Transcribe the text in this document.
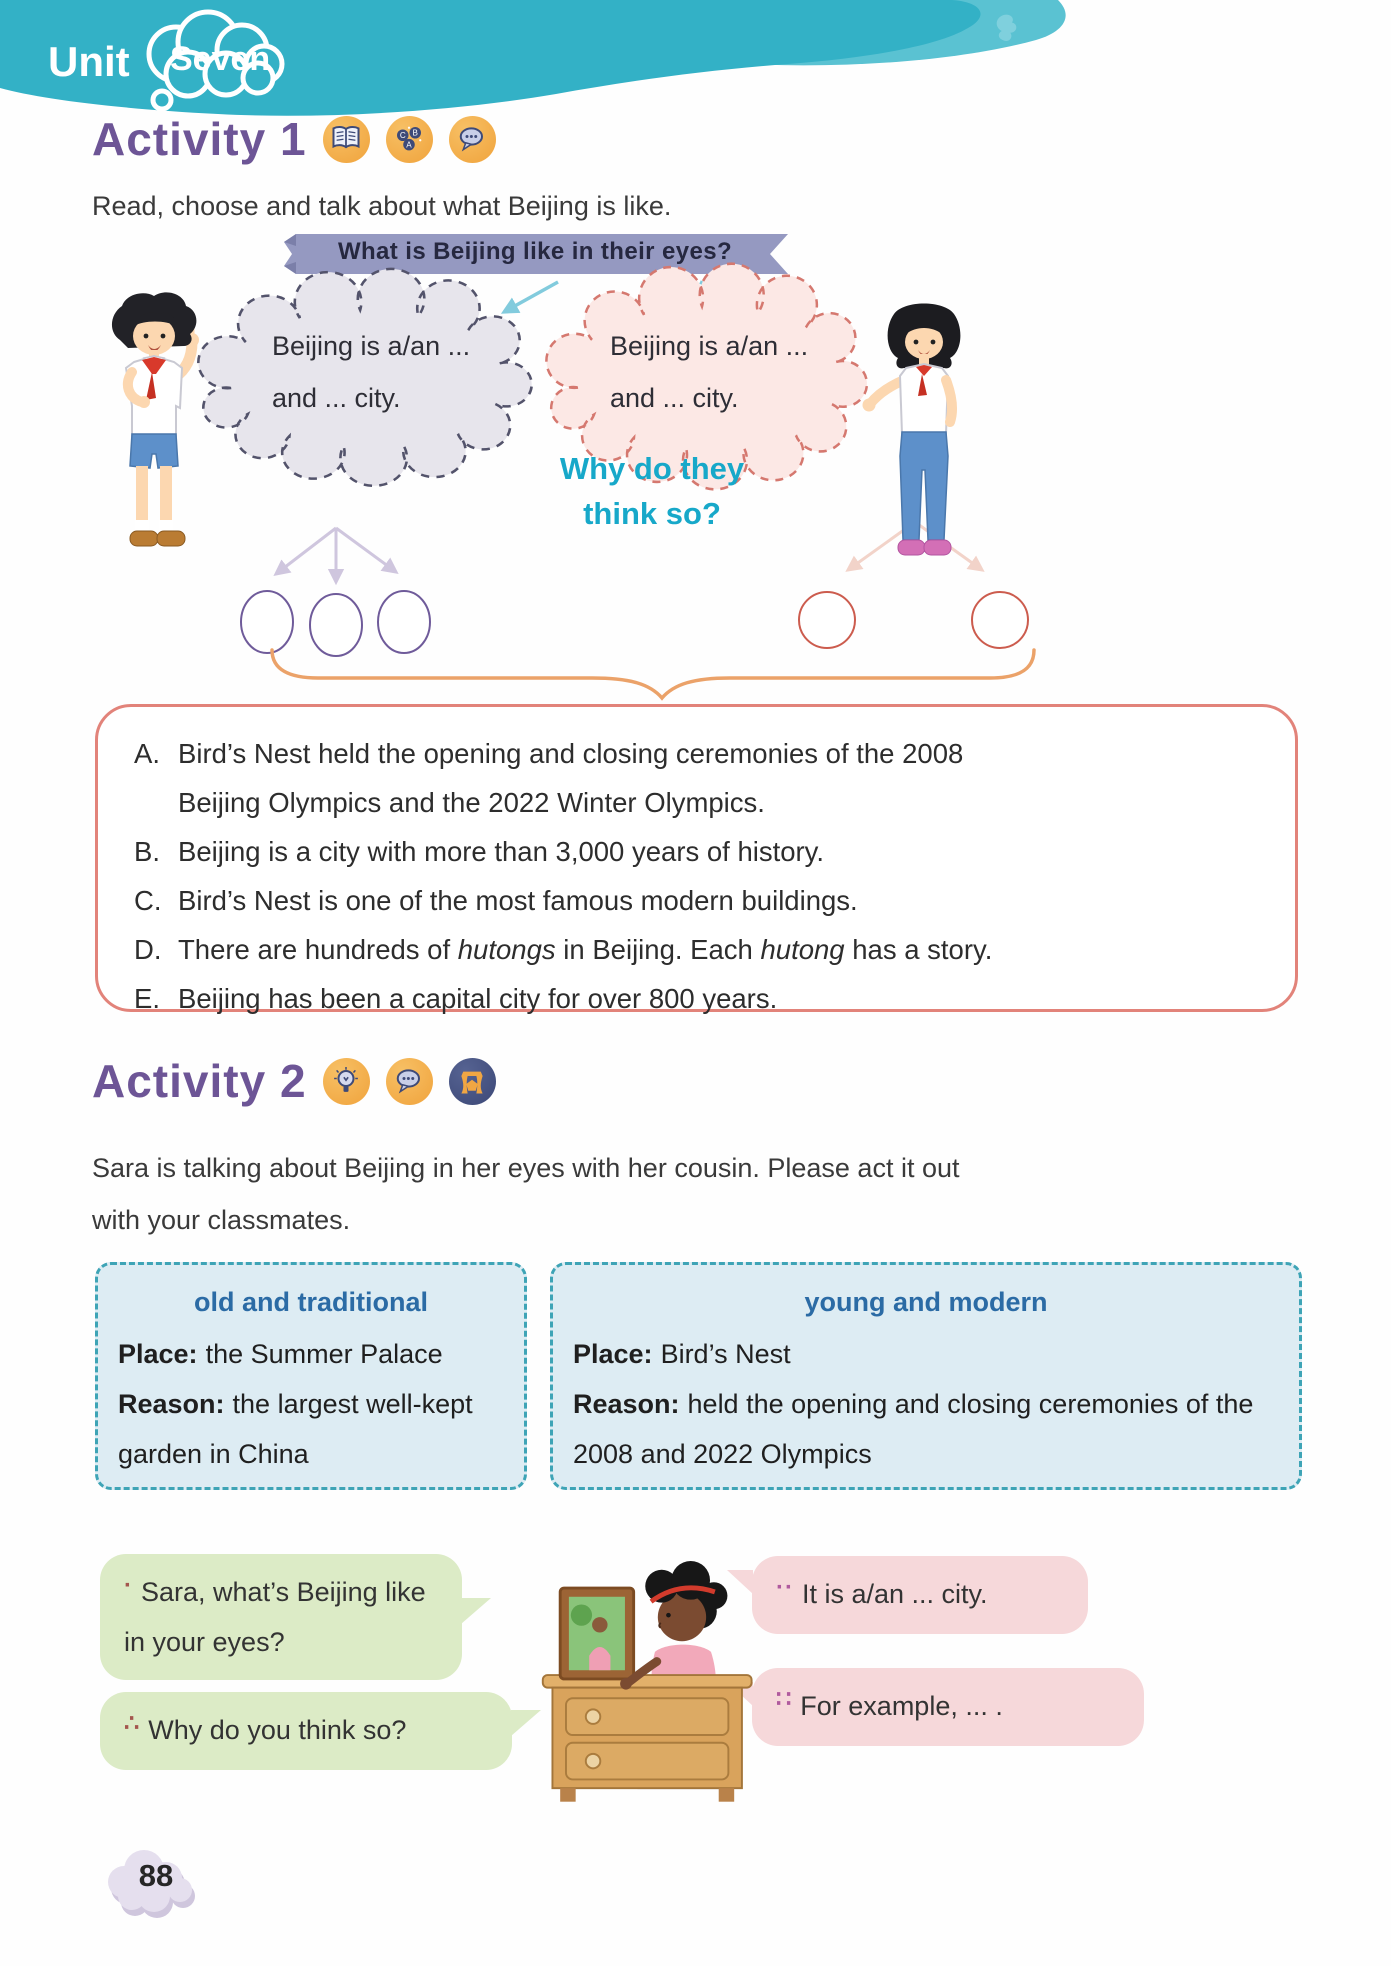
Unit Seven
Activity 1	C B
A
Read, choose and talk about what Beijing is like.
What is Beijing like in their eyes?
Beijing is a/an ...
and ... city.
Beijing is a/an ...
and ... city.
Why do they
think so?
A. Bird’s Nest held the opening and closing ceremonies of the 2008
Beijing Olympics and the 2022 Winter Olympics.
B. Beijing is a city with more than 3,000 years of history.
C. Bird’s Nest is one of the most famous modern buildings.
D. There are hundreds of hutongs in Beijing. Each hutong has a story.
E. Beijing has been a capital city for over 800 years.
Activity 2
Sara is talking about Beijing in her eyes with her cousin. Please act it out
with your classmates.
old and traditional
Place: the Summer Palace
Reason: the largest well-kept garden in China
young and modern
Place: Bird’s Nest
Reason: held the opening and closing ceremonies of the 2008 and 2022 Olympics
· Sara, what’s Beijing like in your eyes?
∴ Why do you think so?
·· It is a/an ... city.
∷ For example, ... .
88
